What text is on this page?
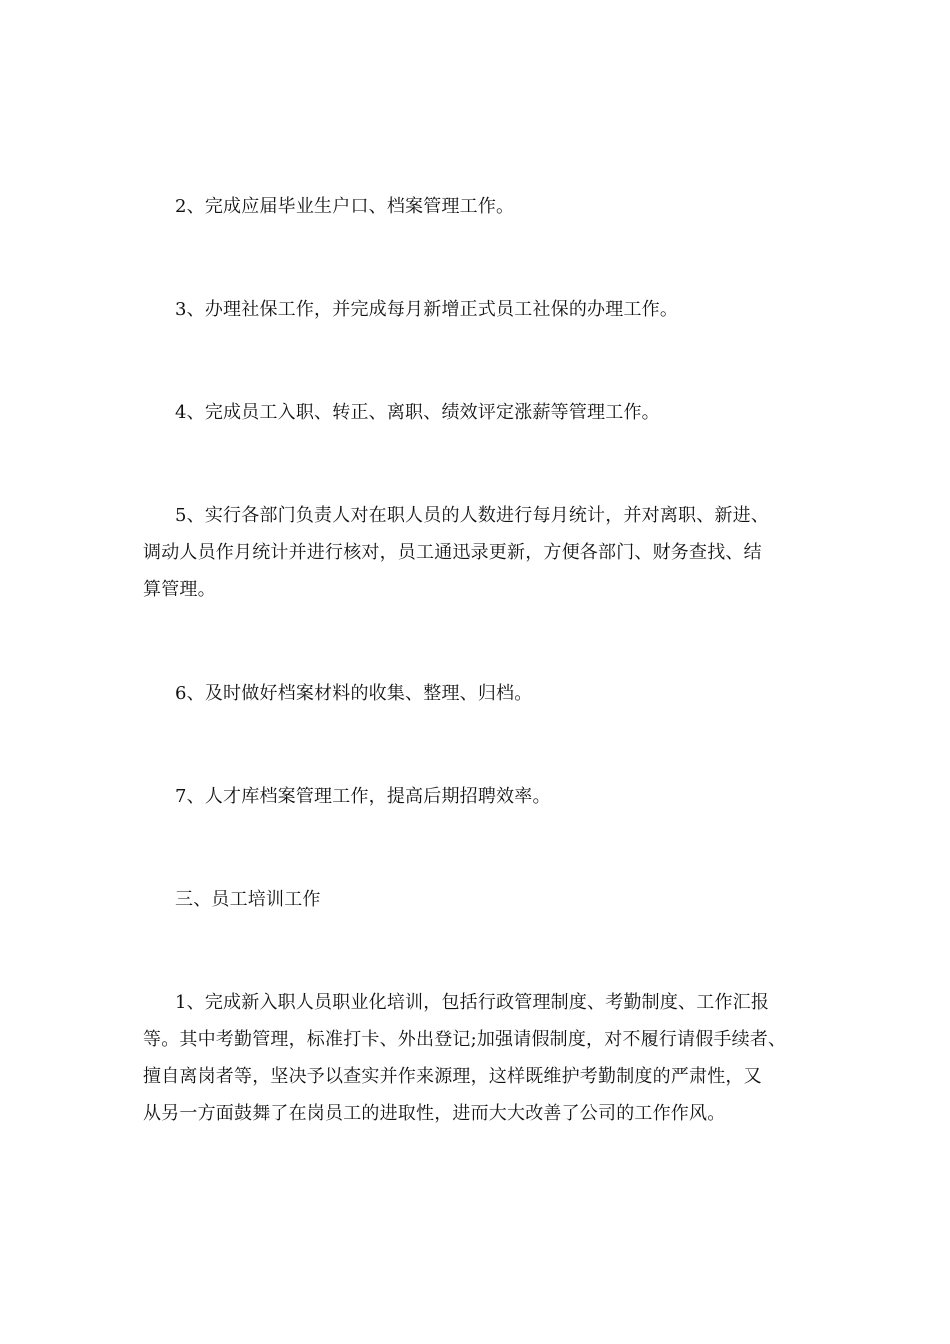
2、完成应届毕业生户口、档案管理工作。

3、办理社保工作，并完成每月新增正式员工社保的办理工作。

4、完成员工入职、转正、离职、绩效评定涨薪等管理工作。

5、实行各部门负责人对在职人员的人数进行每月统计，并对离职、新进、
调动人员作月统计并进行核对，员工通迅录更新，方便各部门、财务查找、结
算管理。

6、及时做好档案材料的收集、整理、归档。

7、人才库档案管理工作，提高后期招聘效率。

三、员工培训工作

1、完成新入职人员职业化培训，包括行政管理制度、考勤制度、工作汇报
等。其中考勤管理，标准打卡、外出登记;加强请假制度，对不履行请假手续者、
擅自离岗者等，坚决予以查实并作来源理，这样既维护考勤制度的严肃性，又
从另一方面鼓舞了在岗员工的进取性，进而大大改善了公司的工作作风。
